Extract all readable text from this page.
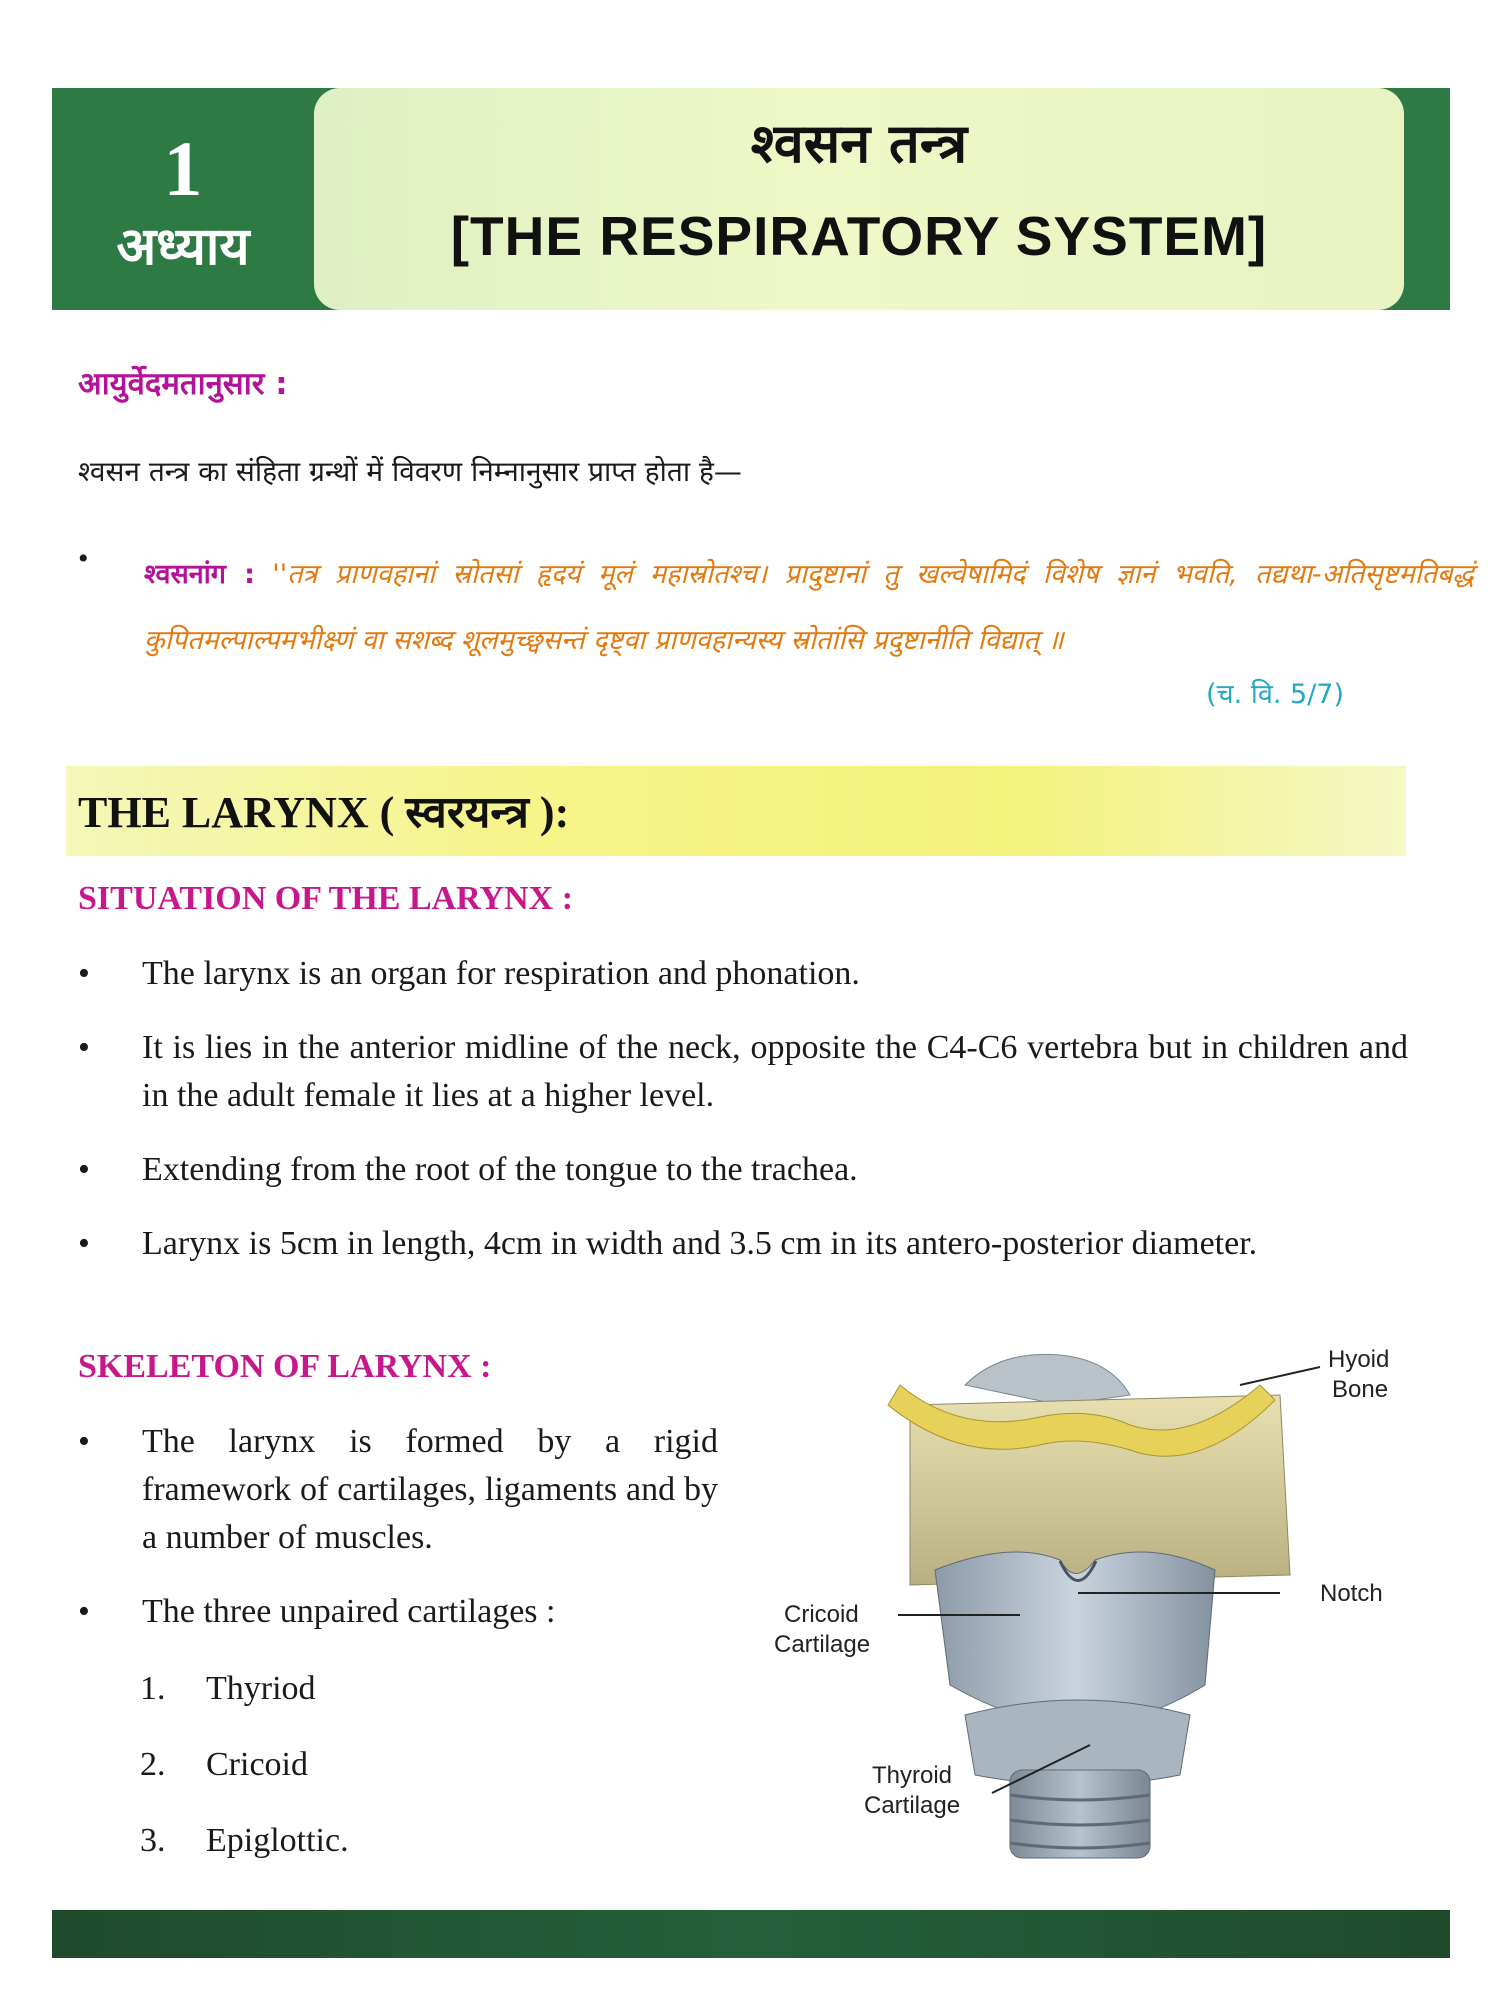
1
अध्याय
श्वसन तन्त्र
[THE RESPIRATORY SYSTEM]
आयुर्वेदमतानुसार :
श्वसन तन्त्र का संहिता ग्रन्थों में विवरण निम्नानुसार प्राप्त होता है—
• श्वसनांग : ''तत्र प्राणवहानां स्रोतसां हृदयं मूलं महास्रोतश्च। प्रादुष्टानां तु खल्वेषामिदं विशेष ज्ञानं भवति, तद्यथा-अतिसृष्टमतिबद्धं कुपितमल्पाल्पमभीक्ष्णं वा सशब्द शूलमुच्छ्वसन्तं दृष्ट्वा प्राणवहान्यस्य स्रोतांसि प्रदुष्टानीति विद्यात् ॥
(च. वि. 5/7)
THE LARYNX ( स्वरयन्त्र ):
SITUATION OF THE LARYNX :
• The larynx is an organ for respiration and phonation.
• It is lies in the anterior midline of the neck, opposite the C4-C6 vertebra but in children and in the adult female it lies at a higher level.
• Extending from the root of the tongue to the trachea.
• Larynx is 5cm in length, 4cm in width and 3.5 cm in its antero-posterior diameter.
SKELETON OF LARYNX :
• The larynx is formed by a rigid framework of cartilages, ligaments and by a number of muscles.
• The three unpaired cartilages :
1. Thyriod
2. Cricoid
3. Epiglottic.
Hyoid
Bone
Notch
Cricoid
Cartilage
Thyroid
Cartilage
